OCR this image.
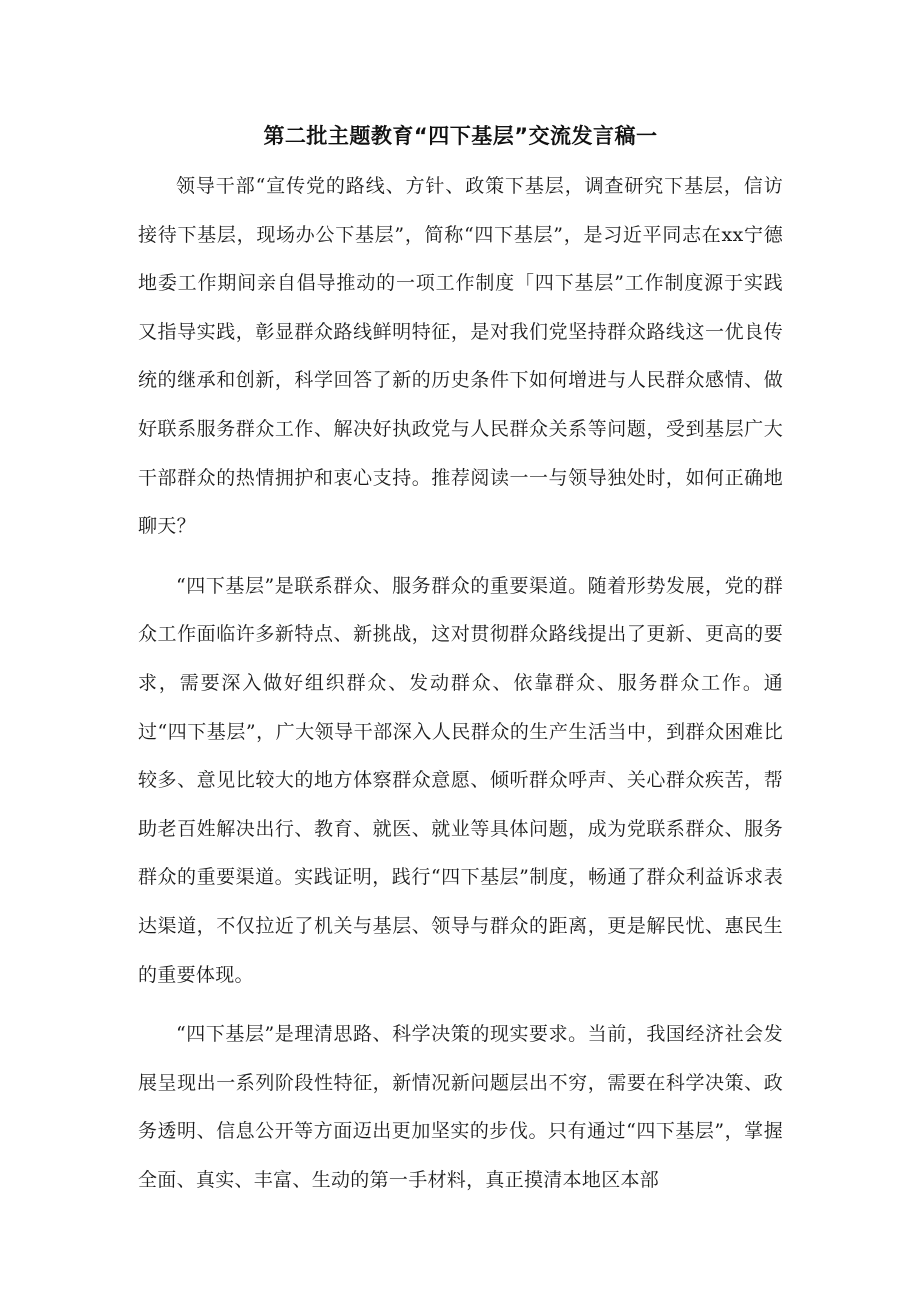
第二批主题教育“四下基层”交流发言稿一

领导干部“宣传党的路线、方针、政策下基层，调查研究下基层，信访接待下基层，现场办公下基层”，简称“四下基层”，是习近平同志在xx宁德地委工作期间亲自倡导推动的一项工作制度「四下基层”工作制度源于实践又指导实践，彰显群众路线鲜明特征，是对我们党坚持群众路线这一优良传统的继承和创新，科学回答了新的历史条件下如何增进与人民群众感情、做好联系服务群众工作、解决好执政党与人民群众关系等问题，受到基层广大干部群众的热情拥护和衷心支持。推荐阅读一一与领导独处时，如何正确地聊天？

“四下基层”是联系群众、服务群众的重要渠道。随着形势发展，党的群众工作面临许多新特点、新挑战，这对贯彻群众路线提出了更新、更高的要求，需要深入做好组织群众、发动群众、依靠群众、服务群众工作。通过“四下基层”，广大领导干部深入人民群众的生产生活当中，到群众困难比较多、意见比较大的地方体察群众意愿、倾听群众呼声、关心群众疾苦，帮助老百姓解决出行、教育、就医、就业等具体问题，成为党联系群众、服务群众的重要渠道。实践证明，践行“四下基层”制度，畅通了群众利益诉求表达渠道，不仅拉近了机关与基层、领导与群众的距离，更是解民忧、惠民生的重要体现。

“四下基层”是理清思路、科学决策的现实要求。当前，我国经济社会发展呈现出一系列阶段性特征，新情况新问题层出不穷，需要在科学决策、政务透明、信息公开等方面迈出更加坚实的步伐。只有通过“四下基层”，掌握全面、真实、丰富、生动的第一手材料，真正摸清本地区本部
